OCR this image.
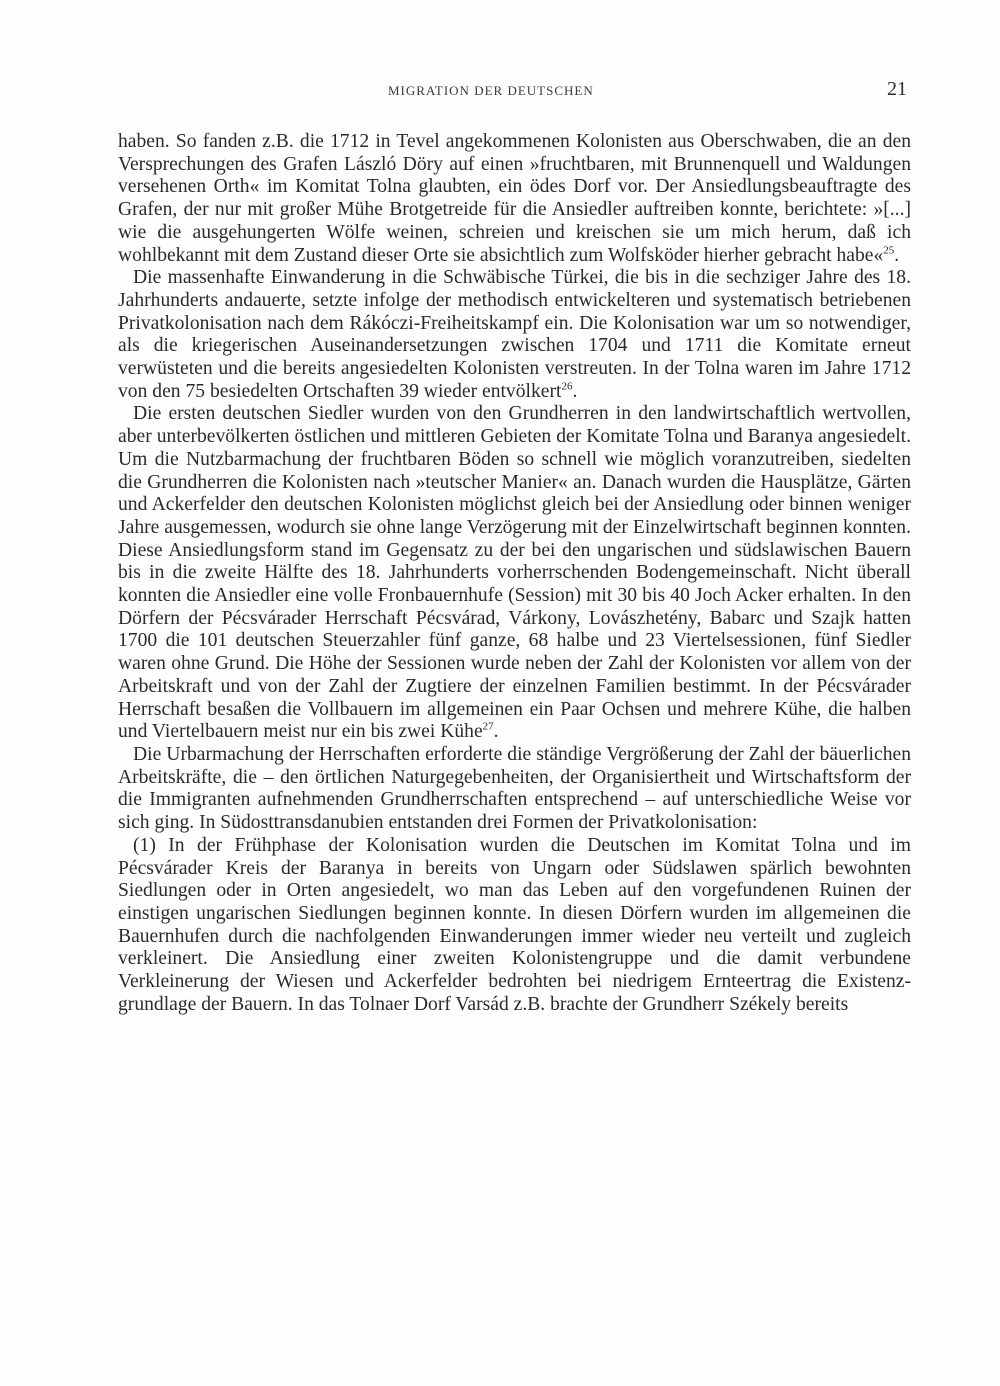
MIGRATION DER DEUTSCHEN	21

haben. So fanden z.B. die 1712 in Tevel angekommenen Kolonisten aus Oberschwaben, die an den Versprechungen des Grafen László Döry auf einen »fruchtbaren, mit Brunnenquell und Waldungen versehenen Orth« im Komitat Tolna glaubten, ein ödes Dorf vor. Der Ansiedlungsbeauftragte des Grafen, der nur mit großer Mühe Brotgetreide für die Ansiedler auftreiben konnte, berichtete: »[...] wie die ausgehungerten Wölfe weinen, schreien und kreischen sie um mich herum, daß ich wohlbekannt mit dem Zustand dieser Orte sie absichtlich zum Wolfsköder hierher gebracht habe«$^{25}$.

Die massenhafte Einwanderung in die Schwäbische Türkei, die bis in die sechziger Jahre des 18. Jahrhunderts andauerte, setzte infolge der methodisch entwickelteren und systematisch betriebenen Privatkolonisation nach dem Rákóczi-Freiheitskampf ein. Die Kolonisation war um so notwendiger, als die kriegerischen Auseinandersetzungen zwischen 1704 und 1711 die Komitate erneut verwüsteten und die bereits angesiedelten Kolonisten verstreuten. In der Tolna waren im Jahre 1712 von den 75 besiedelten Ortschaften 39 wieder entvölkert$^{26}$.

Die ersten deutschen Siedler wurden von den Grundherren in den landwirtschaftlich wertvollen, aber unterbevölkerten östlichen und mittleren Gebieten der Komitate Tolna und Baranya angesiedelt. Um die Nutzbarmachung der fruchtbaren Böden so schnell wie möglich voranzutreiben, siedelten die Grundherren die Kolonisten nach »teutscher Manier« an. Danach wurden die Hausplätze, Gärten und Ackerfelder den deutschen Kolonisten möglichst gleich bei der Ansiedlung oder binnen weniger Jahre ausgemessen, wodurch sie ohne lange Verzögerung mit der Einzelwirtschaft beginnen konnten. Diese Ansiedlungsform stand im Gegensatz zu der bei den ungarischen und südslawischen Bauern bis in die zweite Hälfte des 18. Jahrhunderts vorherrschenden Bodengemeinschaft. Nicht überall konnten die Ansiedler eine volle Fronbauernhufe (Session) mit 30 bis 40 Joch Acker erhalten. In den Dörfern der Pécsvárader Herrschaft Pécsvárad, Várkony, Lovászhetény, Babarc und Szajk hatten 1700 die 101 deutschen Steuerzahler fünf ganze, 68 halbe und 23 Viertelsessionen, fünf Siedler waren ohne Grund. Die Höhe der Sessionen wurde neben der Zahl der Kolonisten vor allem von der Arbeitskraft und von der Zahl der Zugtiere der einzelnen Familien bestimmt. In der Pécsvárader Herrschaft besaßen die Vollbauern im allgemeinen ein Paar Ochsen und mehrere Kühe, die halben und Viertelbauern meist nur ein bis zwei Kühe$^{27}$.

Die Urbarmachung der Herrschaften erforderte die ständige Vergrößerung der Zahl der bäuerlichen Arbeitskräfte, die – den örtlichen Naturgegebenheiten, der Organisiertheit und Wirtschaftsform der die Immigranten aufnehmenden Grundherrschaften entsprechend – auf unterschiedliche Weise vor sich ging. In Südosttransdanubien entstanden drei Formen der Privatkolonisation:

(1) In der Frühphase der Kolonisation wurden die Deutschen im Komitat Tolna und im Pécsvárader Kreis der Baranya in bereits von Ungarn oder Südslawen spärlich bewohnten Siedlungen oder in Orten angesiedelt, wo man das Leben auf den vorgefundenen Ruinen der einstigen ungarischen Siedlungen beginnen konnte. In diesen Dörfern wurden im allgemeinen die Bauernhufen durch die nachfolgenden Einwanderungen immer wieder neu verteilt und zugleich verkleinert. Die Ansiedlung einer zweiten Kolonistengruppe und die damit verbundene Verkleinerung der Wiesen und Ackerfelder bedrohten bei niedrigem Ernteertrag die Existenzgrundlage der Bauern. In das Tolnaer Dorf Varsád z.B. brachte der Grundherr Székely bereits
